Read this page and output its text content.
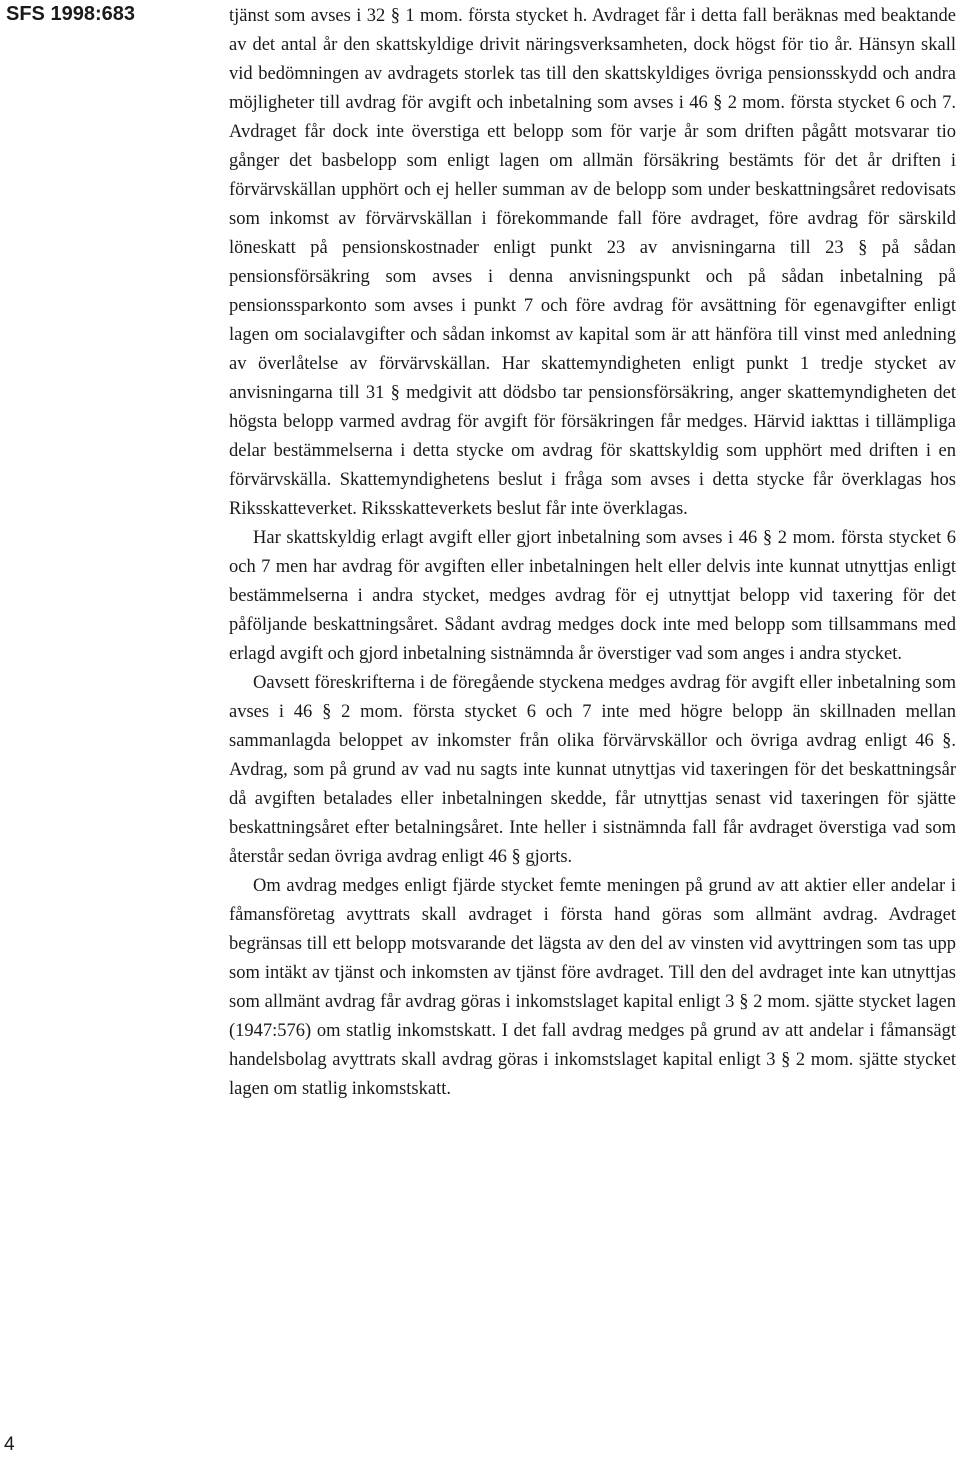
SFS 1998:683	tjänst som avses i 32 § 1 mom. första stycket h. Avdraget får i detta fall beräknas med beaktande av det antal år den skattskyldige drivit näringsverksamheten, dock högst för tio år. Hänsyn skall vid bedömningen av avdragets storlek tas till den skattskyldiges övriga pensionsskydd och andra möjligheter till avdrag för avgift och inbetalning som avses i 46 § 2 mom. första stycket 6 och 7. Avdraget får dock inte överstiga ett belopp som för varje år som driften pågått motsvarar tio gånger det basbelopp som enligt lagen om allmän försäkring bestämts för det år driften i förvärvskällan upphört och ej heller summan av de belopp som under beskattningsåret redovisats som inkomst av förvärvskällan i förekommande fall före avdraget, före avdrag för särskild löneskatt på pensionskostnader enligt punkt 23 av anvisningarna till 23 § på sådan pensionsförsäkring som avses i denna anvisningspunkt och på sådan inbetalning på pensionssparkonto som avses i punkt 7 och före avdrag för avsättning för egenavgifter enligt lagen om socialavgifter och sådan inkomst av kapital som är att hänföra till vinst med anledning av överlåtelse av förvärvskällan. Har skattemyndigheten enligt punkt 1 tredje stycket av anvisningarna till 31 § medgivit att dödsbo tar pensionsförsäkring, anger skattemyndigheten det högsta belopp varmed avdrag för avgift för försäkringen får medges. Härvid iakttas i tillämpliga delar bestämmelserna i detta stycke om avdrag för skattskyldig som upphört med driften i en förvärvskälla. Skattemyndighetens beslut i fråga som avses i detta stycke får överklagas hos Riksskatteverket. Riksskatteverkets beslut får inte överklagas.

Har skattskyldig erlagt avgift eller gjort inbetalning som avses i 46 § 2 mom. första stycket 6 och 7 men har avdrag för avgiften eller inbetalningen helt eller delvis inte kunnat utnyttjas enligt bestämmelserna i andra stycket, medges avdrag för ej utnyttjat belopp vid taxering för det påföljande beskattningsåret. Sådant avdrag medges dock inte med belopp som tillsammans med erlagd avgift och gjord inbetalning sistnämnda år överstiger vad som anges i andra stycket.

Oavsett föreskrifterna i de föregående styckena medges avdrag för avgift eller inbetalning som avses i 46 § 2 mom. första stycket 6 och 7 inte med högre belopp än skillnaden mellan sammanlagda beloppet av inkomster från olika förvärvskällor och övriga avdrag enligt 46 §. Avdrag, som på grund av vad nu sagts inte kunnat utnyttjas vid taxeringen för det beskattningsår då avgiften betalades eller inbetalningen skedde, får utnyttjas senast vid taxeringen för sjätte beskattningsåret efter betalningsåret. Inte heller i sistnämnda fall får avdraget överstiga vad som återstår sedan övriga avdrag enligt 46 § gjorts.

Om avdrag medges enligt fjärde stycket femte meningen på grund av att aktier eller andelar i fåmansföretag avyttrats skall avdraget i första hand göras som allmänt avdrag. Avdraget begränsas till ett belopp motsvarande det lägsta av den del av vinsten vid avyttringen som tas upp som intäkt av tjänst och inkomsten av tjänst före avdraget. Till den del avdraget inte kan utnyttjas som allmänt avdrag får avdrag göras i inkomstslaget kapital enligt 3 § 2 mom. sjätte stycket lagen (1947:576) om statlig inkomstskatt. I det fall avdrag medges på grund av att andelar i fåmansägt handelsbolag avyttrats skall avdrag göras i inkomstslaget kapital enligt 3 § 2 mom. sjätte stycket lagen om statlig inkomstskatt.

4
